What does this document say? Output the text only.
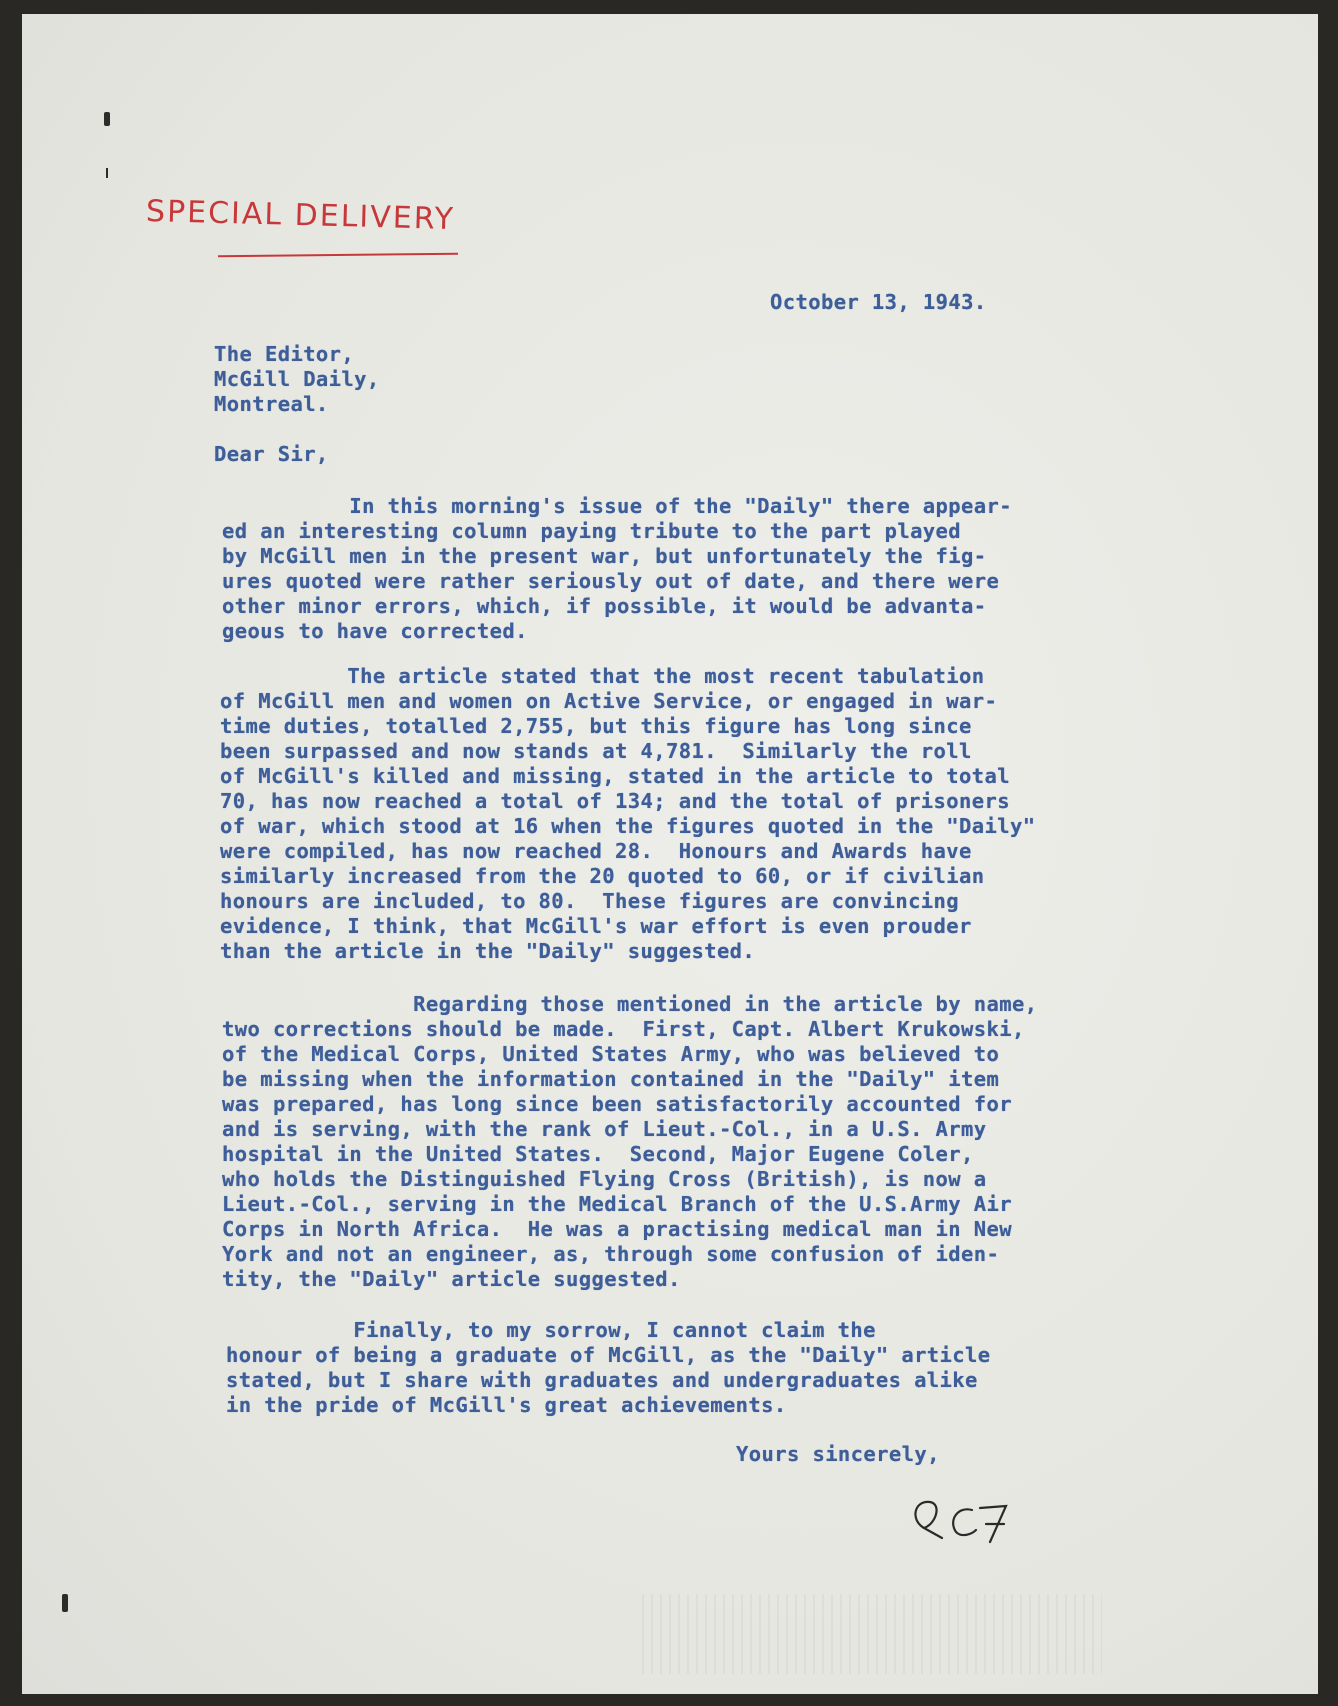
SPECIAL DELIVERY
October 13, 1943.
The Editor,
McGill Daily,
Montreal.
Dear Sir,
In this morning's issue of the "Daily" there appear-
ed an interesting column paying tribute to the part played
by McGill men in the present war, but unfortunately the fig-
ures quoted were rather seriously out of date, and there were
other minor errors, which, if possible, it would be advanta-
geous to have corrected.
The article stated that the most recent tabulation
of McGill men and women on Active Service, or engaged in war-
time duties, totalled 2,755, but this figure has long since
been surpassed and now stands at 4,781.  Similarly the roll
of McGill's killed and missing, stated in the article to total
70, has now reached a total of 134; and the total of prisoners
of war, which stood at 16 when the figures quoted in the "Daily"
were compiled, has now reached 28.  Honours and Awards have
similarly increased from the 20 quoted to 60, or if civilian
honours are included, to 80.  These figures are convincing
evidence, I think, that McGill's war effort is even prouder
than the article in the "Daily" suggested.
Regarding those mentioned in the article by name,
two corrections should be made.  First, Capt. Albert Krukowski,
of the Medical Corps, United States Army, who was believed to
be missing when the information contained in the "Daily" item
was prepared, has long since been satisfactorily accounted for
and is serving, with the rank of Lieut.-Col., in a U.S. Army
hospital in the United States.  Second, Major Eugene Coler,
who holds the Distinguished Flying Cross (British), is now a
Lieut.-Col., serving in the Medical Branch of the U.S.Army Air
Corps in North Africa.  He was a practising medical man in New
York and not an engineer, as, through some confusion of iden-
tity, the "Daily" article suggested.
Finally, to my sorrow, I cannot claim the
honour of being a graduate of McGill, as the "Daily" article
stated, but I share with graduates and undergraduates alike
in the pride of McGill's great achievements.
Yours sincerely,
